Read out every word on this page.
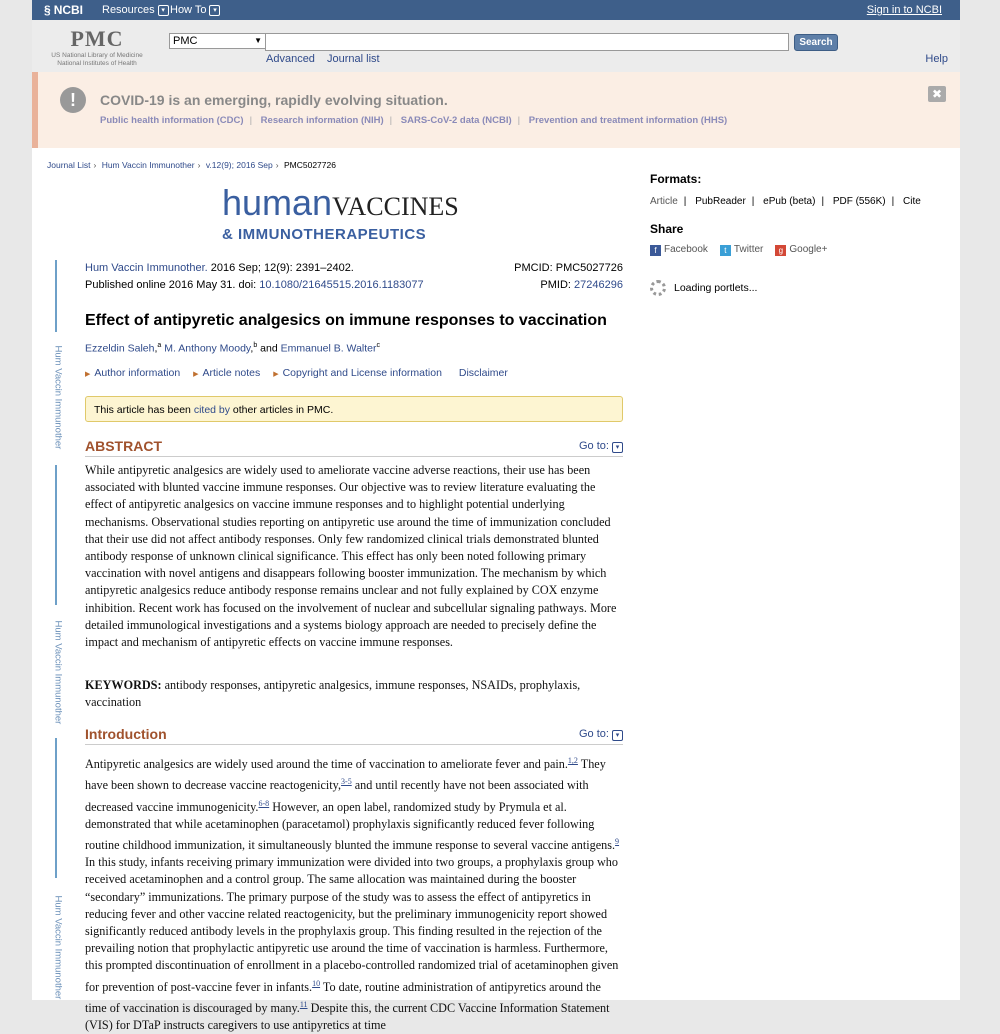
§ NCBI Resources ▾ How To ▾	Sign in to NCBI
PMC
US National Library of Medicine
National Institutes of Health
PMC	▼	Search
Advanced Journal list	Help
!	COVID-19 is an emerging, rapidly evolving situation.
Public health information (CDC) | Research information (NIH) | SARS-CoV-2 data (NCBI) | Prevention and treatment information (HHS)
✖
Journal List › Hum Vaccin Immunother › v.12(9); 2016 Sep › PMC5027726
humanVACCINES
& IMMUNOTHERAPEUTICS
Hum Vaccin Immunother
Hum Vaccin Immunother
Hum Vaccin Immunother
Hum Vaccin Immunother. 2016 Sep; 12(9): 2391–2402.
Published online 2016 May 31. doi: 10.1080/21645515.2016.1183077
PMCID: PMC5027726
PMID: 27246296
Effect of antipyretic analgesics on immune responses to vaccination
Ezzeldin Saleh,$^a$ M. Anthony Moody,$^b$ and Emmanuel B. Walter$^c$
▶ Author information ▶ Article notes ▶ Copyright and License information Disclaimer
This article has been cited by other articles in PMC.
ABSTRACT	Go to: ▾
While antipyretic analgesics are widely used to ameliorate vaccine adverse reactions, their use has been associated with blunted vaccine immune responses. Our objective was to review literature evaluating the effect of antipyretic analgesics on vaccine immune responses and to highlight potential underlying mechanisms. Observational studies reporting on antipyretic use around the time of immunization concluded that their use did not affect antibody responses. Only few randomized clinical trials demonstrated blunted antibody response of unknown clinical significance. This effect has only been noted following primary vaccination with novel antigens and disappears following booster immunization. The mechanism by which antipyretic analgesics reduce antibody response remains unclear and not fully explained by COX enzyme inhibition. Recent work has focused on the involvement of nuclear and subcellular signaling pathways. More detailed immunological investigations and a systems biology approach are needed to precisely define the impact and mechanism of antipyretic effects on vaccine immune responses.
KEYWORDS: antibody responses, antipyretic analgesics, immune responses, NSAIDs, prophylaxis, vaccination
Introduction	Go to: ▾
Antipyretic analgesics are widely used around the time of vaccination to ameliorate fever and pain.$^{1,2}$ They have been shown to decrease vaccine reactogenicity,$^{3-5}$ and until recently have not been associated with decreased vaccine immunogenicity.$^{6-8}$ However, an open label, randomized study by Prymula et al. demonstrated that while acetaminophen (paracetamol) prophylaxis significantly reduced fever following routine childhood immunization, it simultaneously blunted the immune response to several vaccine antigens.$^9$ In this study, infants receiving primary immunization were divided into two groups, a prophylaxis group who received acetaminophen and a control group. The same allocation was maintained during the booster “secondary” immunizations. The primary purpose of the study was to assess the effect of antipyretics in reducing fever and other vaccine related reactogenicity, but the preliminary immunogenicity report showed significantly reduced antibody levels in the prophylaxis group. This finding resulted in the rejection of the prevailing notion that prophylactic antipyretic use around the time of vaccination is harmless. Furthermore, this prompted discontinuation of enrollment in a placebo-controlled randomized trial of acetaminophen given for prevention of post-vaccine fever in infants.$^{10}$ To date, routine administration of antipyretics around the time of vaccination is discouraged by many.$^{11}$ Despite this, the current CDC Vaccine Information Statement (VIS) for DTaP instructs caregivers to use antipyretics at time
Formats:
Article | PubReader | ePub (beta) | PDF (556K) | Cite
Share
f Facebook	t Twitter	g Google+
Loading portlets...
